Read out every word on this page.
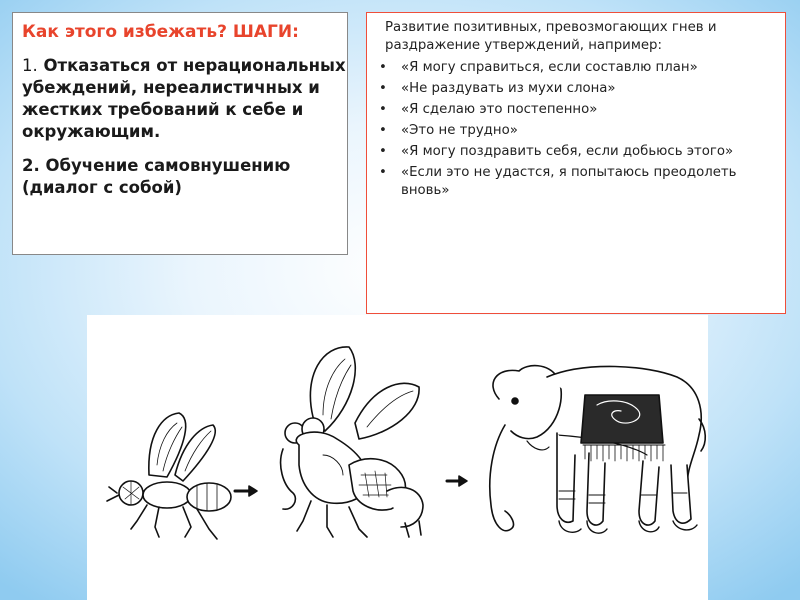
Как этого избежать? ШАГИ:

1. Отказаться от нерациональных убеждений, нереалистичных и жестких требований к себе и окружающим.

2. Обучение самовнушению (диалог с собой)

Развитие позитивных, превозмогающих гнев и раздражение утверждений, например:

• «Я могу справиться, если составлю план»
• «Не раздувать из мухи слона»
• «Я сделаю это постепенно»
• «Это не трудно»
• «Я могу поздравить себя, если добьюсь этого»
• «Если это не удастся, я попытаюсь преодолеть вновь»
